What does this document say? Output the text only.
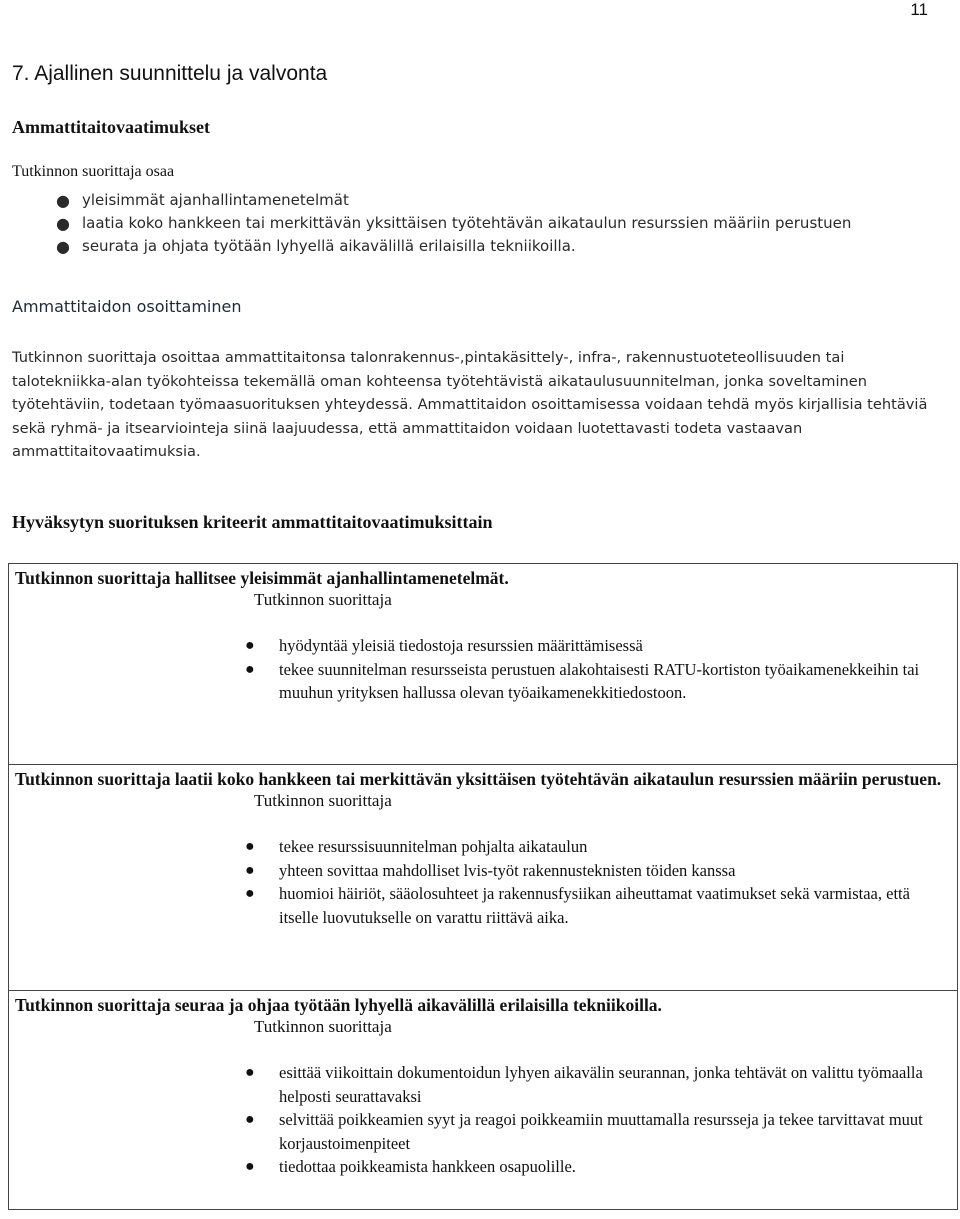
11
7. Ajallinen suunnittelu ja valvonta
Ammattitaitovaatimukset

Tutkinnon suorittaja osaa

● yleisimmät ajanhallintamenetelmät
● laatia koko hankkeen tai merkittävän yksittäisen työtehtävän aikataulun resurssien määriin perustuen
● seurata ja ohjata työtään lyhyellä aikavälillä erilaisilla tekniikoilla.
Ammattitaidon osoittaminen

Tutkinnon suorittaja osoittaa ammattitaitonsa talonrakennus-,pintakäsittely-, infra-, rakennustuoteteollisuuden tai talotekniikka-alan työkohteissa tekemällä oman kohteensa työtehtävistä aikataulusuunnitelman, jonka soveltaminen työtehtäviin, todetaan työmaasuorituksen yhteydessä. Ammattitaidon osoittamisessa voidaan tehdä myös kirjallisia tehtäviä sekä ryhmä- ja itsearviointeja siinä laajuudessa, että ammattitaidon voidaan luotettavasti todeta vastaavan ammattitaitovaatimuksia.

Hyväksytyn suorituksen kriteerit ammattitaitovaatimuksittain
Tutkinnon suorittaja hallitsee yleisimmät ajanhallintamenetelmät.
Tutkinnon suorittaja
● hyödyntää yleisiä tiedostoja resurssien määrittämisessä
● tekee suunnitelman resursseista perustuen alakohtaisesti RATU-kortiston työaikamenekkeihin tai muuhun yrityksen hallussa olevan työaikamenekkitiedostoon.

Tutkinnon suorittaja laatii koko hankkeen tai merkittävän yksittäisen työtehtävän aikataulun resurssien määriin perustuen.
Tutkinnon suorittaja
● tekee resurssisuunnitelman pohjalta aikataulun
● yhteen sovittaa mahdolliset lvis-työt rakennusteknisten töiden kanssa
● huomioi häiriöt, sääolosuhteet ja rakennusfysiikan aiheuttamat vaatimukset sekä varmistaa, että itselle luovutukselle on varattu riittävä aika.

Tutkinnon suorittaja seuraa ja ohjaa työtään lyhyellä aikavälillä erilaisilla tekniikoilla.
Tutkinnon suorittaja
● esittää viikoittain dokumentoidun lyhyen aikavälin seurannan, jonka tehtävät on valittu työmaalla helposti seurattavaksi
● selvittää poikkeamien syyt ja reagoi poikkeamiin muuttamalla resursseja ja tekee tarvittavat muut korjaustoimenpiteet
● tiedottaa poikkeamista hankkeen osapuolille.
